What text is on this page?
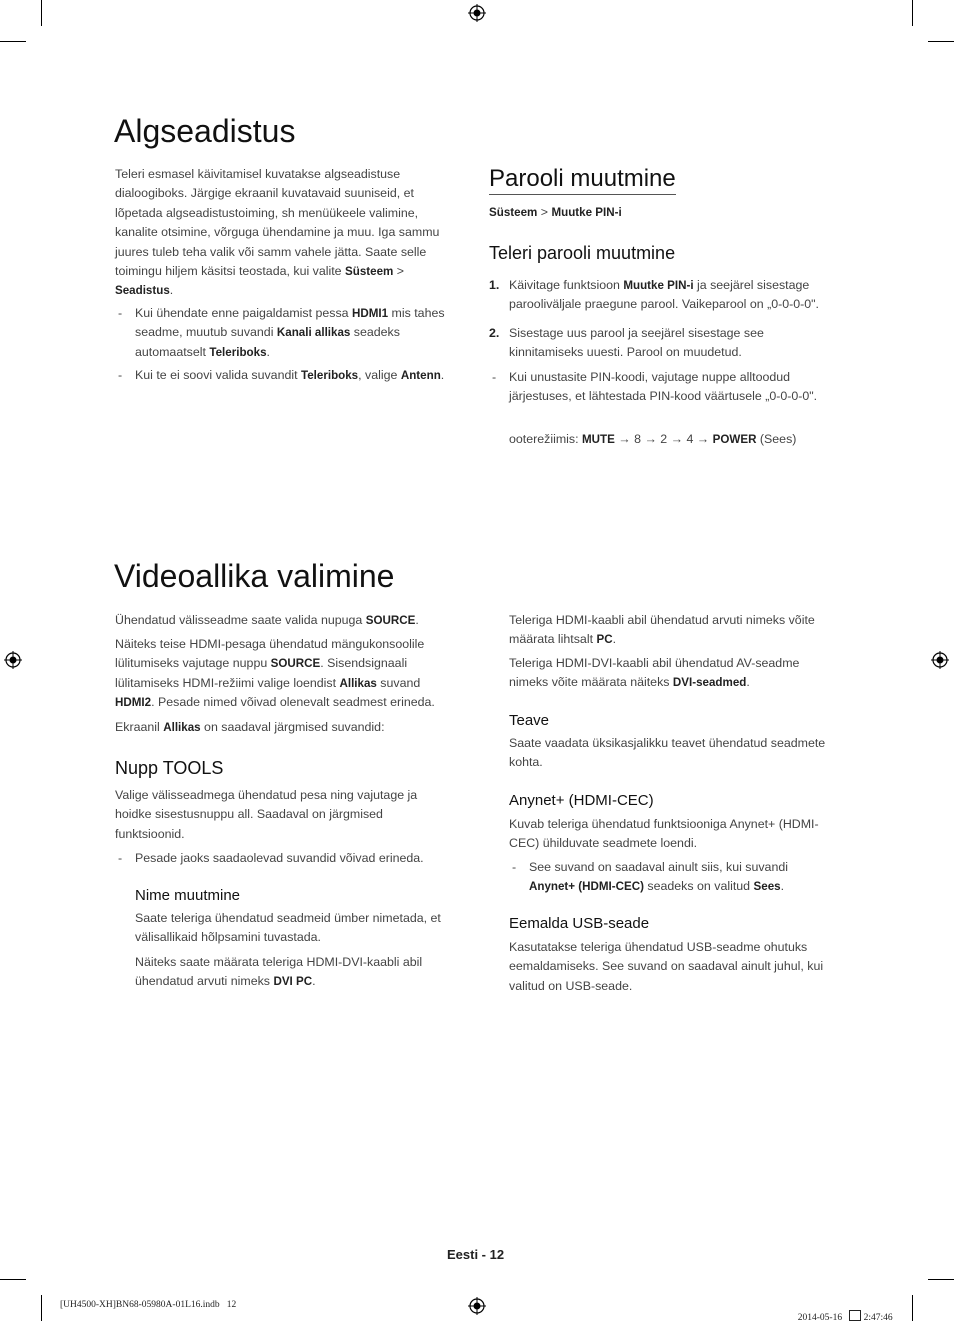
Algseadistus

Teleri esmasel käivitamisel kuvatakse algseadistuse dialoogiboks. Järgige ekraanil kuvatavaid suuniseid, et lõpetada algseadistustoiming, sh menüükeele valimine, kanalite otsimine, võrguga ühendamine ja muu. Iga sammu juures tuleb teha valik või samm vahele jätta. Saate selle toimingu hiljem käsitsi teostada, kui valite Süsteem > Seadistus.

- Kui ühendate enne paigaldamist pessa HDMI1 mis tahes seadme, muutub suvandi Kanali allikas seadeks automaatselt Teleriboks.

- Kui te ei soovi valida suvandit Teleriboks, valige Antenn.

Parooli muutmine

Süsteem > Muutke PIN-i

Teleri parooli muutmine

1. Käivitage funktsioon Muutke PIN-i ja seejärel sisestage parooliväljale praegune parool. Vaikeparool on „0-0-0-0".

2. Sisestage uus parool ja seejärel sisestage see kinnitamiseks uuesti. Parool on muudetud.

- Kui unustasite PIN-koodi, vajutage nuppe alltoodud järjestuses, et lähtestada PIN-kood väärtusele „0-0-0-0".

ooterežiimis: MUTE → 8 → 2 → 4 → POWER (Sees)

Videoallika valimine

Ühendatud välisseadme saate valida nupuga SOURCE.

Näiteks teise HDMI-pesaga ühendatud mängukonsoolile lülitumiseks vajutage nuppu SOURCE. Sisendsignaali lülitamiseks HDMI-režiimi valige loendist Allikas suvand HDMI2. Pesade nimed võivad olenevalt seadmest erineda.

Ekraanil Allikas on saadaval järgmised suvandid:

Nupp TOOLS

Valige välisseadmega ühendatud pesa ning vajutage ja hoidke sisestusnuppu all. Saadaval on järgmised funktsioonid.

- Pesade jaoks saadaolevad suvandid võivad erineda.

Nime muutmine

Saate teleriga ühendatud seadmeid ümber nimetada, et välisallikaid hõlpsamini tuvastada.

Näiteks saate määrata teleriga HDMI-DVI-kaabli abil ühendatud arvuti nimeks DVI PC.

Teleriga HDMI-kaabli abil ühendatud arvuti nimeks võite määrata lihtsalt PC.

Teleriga HDMI-DVI-kaabli abil ühendatud AV-seadme nimeks võite määrata näiteks DVI-seadmed.

Teave

Saate vaadata üksikasjalikku teavet ühendatud seadmete kohta.

Anynet+ (HDMI-CEC)

Kuvab teleriga ühendatud funktsiooniga Anynet+ (HDMI-CEC) ühilduvate seadmete loendi.

- See suvand on saadaval ainult siis, kui suvandi Anynet+ (HDMI-CEC) seadeks on valitud Sees.

Eemalda USB-seade

Kasutatakse teleriga ühendatud USB-seadme ohutuks eemaldamiseks. See suvand on saadaval ainult juhul, kui valitud on USB-seade.

Eesti - 12
[UH4500-XH]BN68-05980A-01L16.indb   12

2014-05-16    2:47:46
